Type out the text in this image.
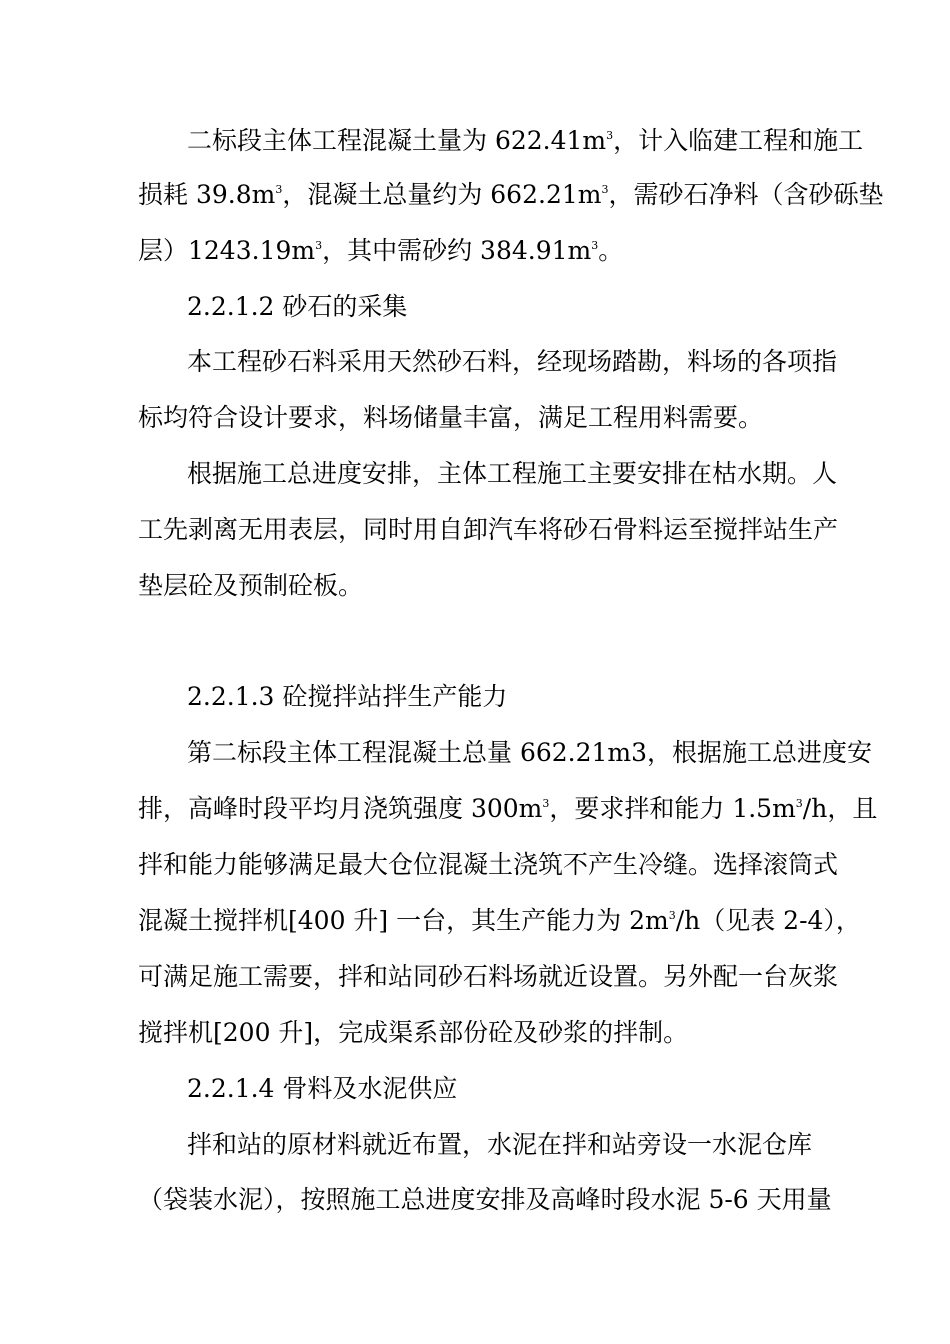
二标段主体工程混凝土量为 $622.41m^3$，计入临建工程和施工
损耗 $39.8m^3$，混凝土总量约为 $662.21m^3$，需砂石净料（含砂砾垫
层）$1243.19m^3$，其中需砂约 $384.91m^3$。
2.2.1.2 砂石的采集
本工程砂石料采用天然砂石料，经现场踏勘，料场的各项指
标均符合设计要求，料场储量丰富，满足工程用料需要。
根据施工总进度安排，主体工程施工主要安排在枯水期。人
工先剥离无用表层，同时用自卸汽车将砂石骨料运至搅拌站生产
垫层砼及预制砼板。
2.2.1.3 砼搅拌站拌生产能力
第二标段主体工程混凝土总量 662.21m3，根据施工总进度安
排，高峰时段平均月浇筑强度 $300m^3$，要求拌和能力 $1.5m^3/h$，且
拌和能力能够满足最大仓位混凝土浇筑不产生冷缝。选择滚筒式
混凝土搅拌机[400 升] 一台，其生产能力为 $2m^3/h$（见表 2-4），
可满足施工需要，拌和站同砂石料场就近设置。另外配一台灰浆
搅拌机[200 升]，完成渠系部份砼及砂浆的拌制。
2.2.1.4 骨料及水泥供应
拌和站的原材料就近布置，水泥在拌和站旁设一水泥仓库
（袋装水泥），按照施工总进度安排及高峰时段水泥 5-6 天用量
